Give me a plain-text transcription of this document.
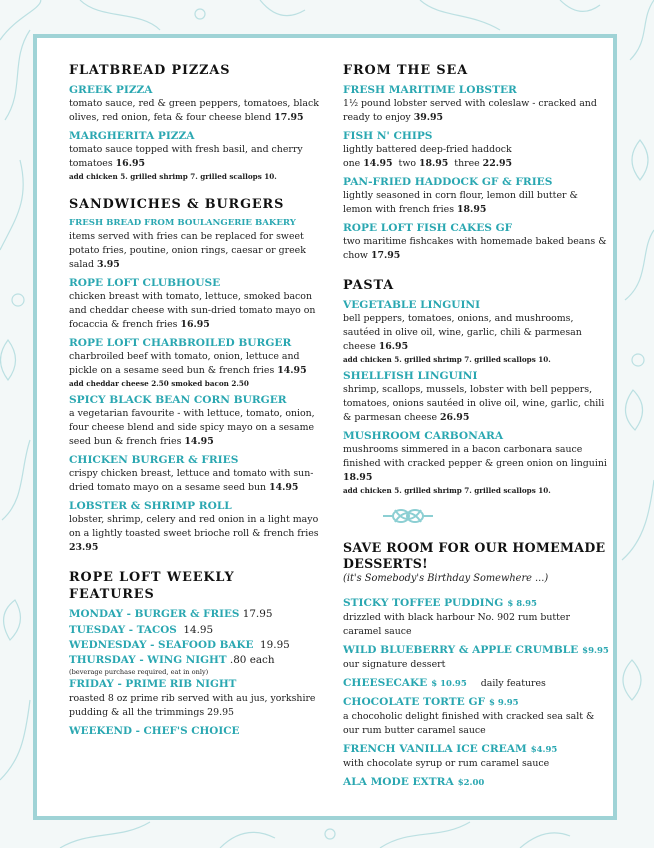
FLATBREAD PIZZAS
GREEK PIZZA
tomato sauce, red & green peppers, tomatoes, black olives, red onion, feta & four cheese blend 17.95
MARGHERITA PIZZA
tomato sauce topped with fresh basil, and cherry tomatoes 16.95
add chicken 5. grilled shrimp 7. grilled scallops 10.
SANDWICHES & BURGERS
FRESH BREAD FROM BOULANGERIE BAKERY
items served with fries can be replaced for sweet potato fries, poutine, onion rings, caesar or greek salad 3.95
ROPE LOFT CLUBHOUSE
chicken breast with tomato, lettuce, smoked bacon and cheddar cheese with sun-dried tomato mayo on focaccia & french fries 16.95
ROPE LOFT CHARBROILED BURGER
charbroiled beef with tomato, onion, lettuce and pickle on a sesame seed bun & french fries 14.95
add cheddar cheese 2.50 smoked bacon 2.50
SPICY BLACK BEAN CORN BURGER
a vegetarian favourite - with lettuce, tomato, onion, four cheese blend and side spicy mayo on a sesame seed bun & french fries 14.95
CHICKEN BURGER & FRIES
crispy chicken breast, lettuce and tomato with sun-dried tomato mayo on a sesame seed bun 14.95
LOBSTER & SHRIMP ROLL
lobster, shrimp, celery and red onion in a light mayo on a lightly toasted sweet brioche roll & french fries 23.95
ROPE LOFT WEEKLY FEATURES
MONDAY - BURGER & FRIES 17.95
TUESDAY - TACOS 14.95
WEDNESDAY - SEAFOOD BAKE 19.95
THURSDAY - WING NIGHT .80 each
(beverage purchase required, eat in only)
FRIDAY - PRIME RIB NIGHT
roasted 8 oz prime rib served with au jus, yorkshire pudding & all the trimmings 29.95
WEEKEND - CHEF'S CHOICE
FROM THE SEA
FRESH MARITIME LOBSTER
1½ pound lobster served with coleslaw - cracked and ready to enjoy 39.95
FISH N' CHIPS
lightly battered deep-fried haddock
one 14.95 two 18.95 three 22.95
PAN-FRIED HADDOCK GF & FRIES
lightly seasoned in corn flour, lemon dill butter & lemon with french fries 18.95
ROPE LOFT FISH CAKES GF
two maritime fishcakes with homemade baked beans & chow 17.95
PASTA
VEGETABLE LINGUINI
bell peppers, tomatoes, onions, and mushrooms, sautéed in olive oil, wine, garlic, chili & parmesan cheese 16.95
add chicken 5. grilled shrimp 7. grilled scallops 10.
SHELLFISH LINGUINI
shrimp, scallops, mussels, lobster with bell peppers, tomatoes, onions sautéed in olive oil, wine, garlic, chili & parmesan cheese 26.95
MUSHROOM CARBONARA
mushrooms simmered in a bacon carbonara sauce finished with cracked pepper & green onion on linguini 18.95
add chicken 5. grilled shrimp 7. grilled scallops 10.
SAVE ROOM FOR OUR HOMEMADE DESSERTS!
(it's Somebody's Birthday Somewhere ...)
STICKY TOFFEE PUDDING $ 8.95
drizzled with black harbour No. 902 rum butter caramel sauce
WILD BLUEBERRY & APPLE CRUMBLE $9.95
our signature dessert
CHEESECAKE $ 10.95 daily features
CHOCOLATE TORTE GF $ 9.95
a chocoholic delight finished with cracked sea salt & our rum butter caramel sauce
FRENCH VANILLA ICE CREAM $4.95
with chocolate syrup or rum caramel sauce
ALA MODE EXTRA $2.00
